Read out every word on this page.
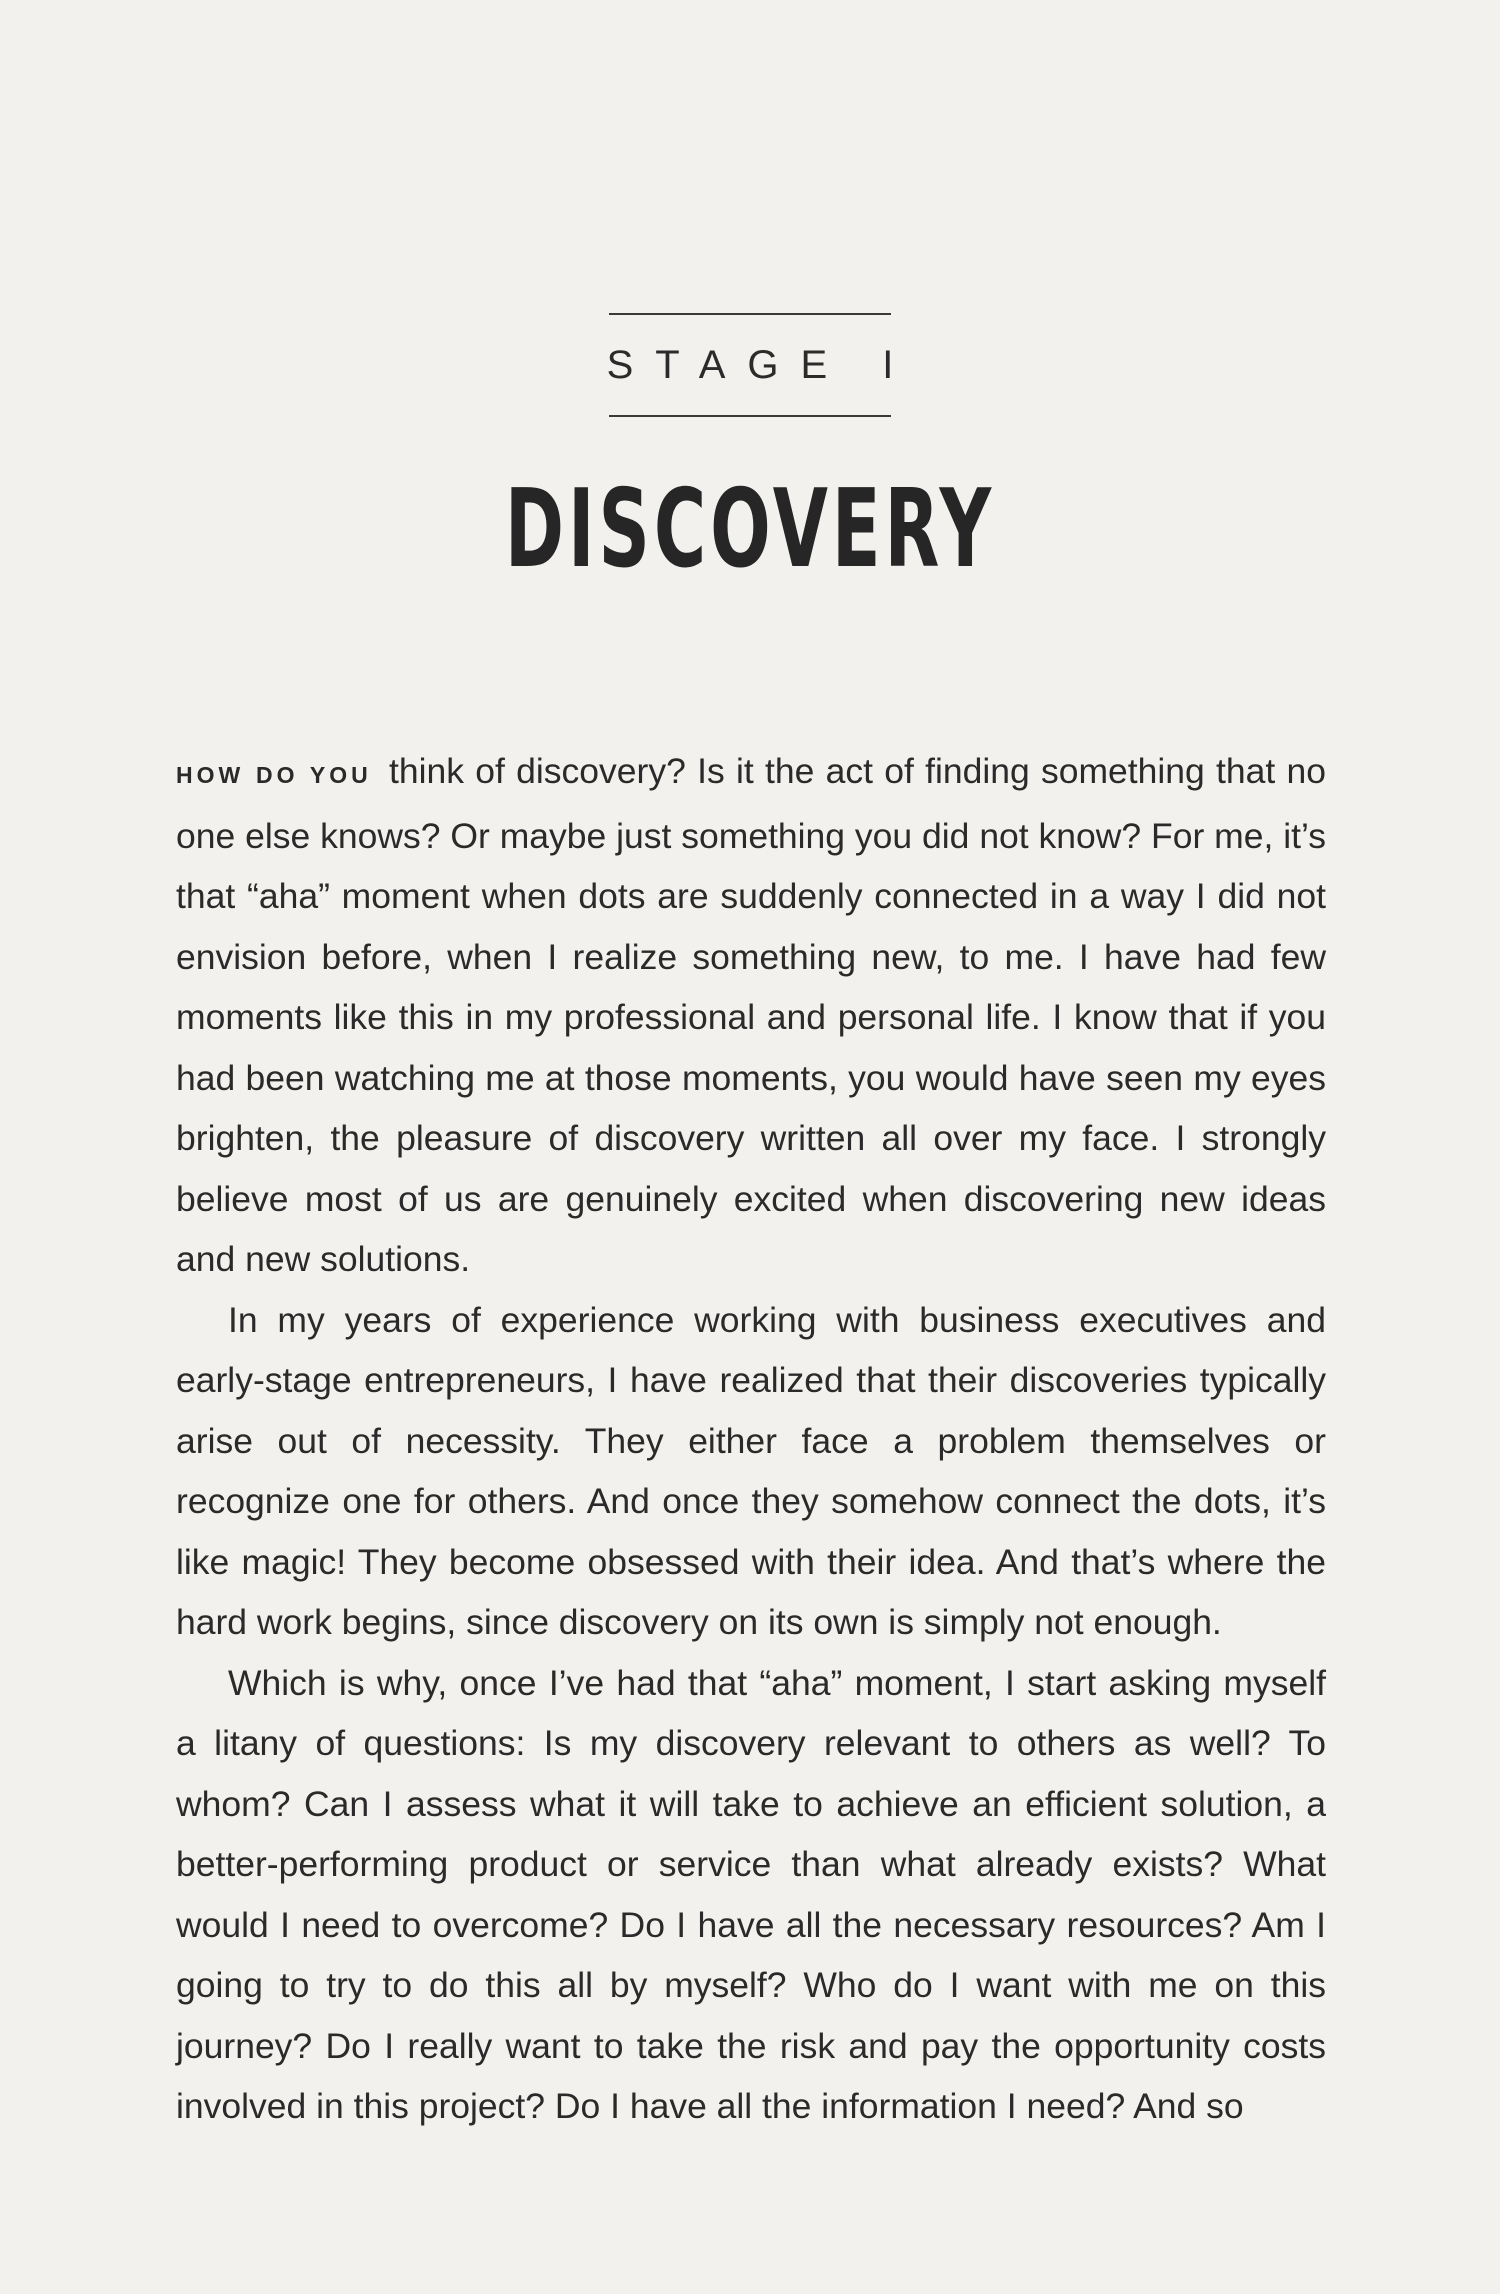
STAGE I
DISCOVERY

HOW DO YOU think of discovery? Is it the act of finding something that no one else knows? Or maybe just something you did not know? For me, it’s that “aha” moment when dots are suddenly connected in a way I did not envision before, when I realize something new, to me. I have had few moments like this in my professional and personal life. I know that if you had been watching me at those moments, you would have seen my eyes brighten, the pleasure of discovery written all over my face. I strongly believe most of us are genuinely excited when discovering new ideas and new solutions.

In my years of experience working with business executives and early-stage entrepreneurs, I have realized that their discoveries typically arise out of necessity. They either face a problem themselves or recognize one for others. And once they somehow connect the dots, it’s like magic! They become obsessed with their idea. And that’s where the hard work begins, since discovery on its own is simply not enough.

Which is why, once I’ve had that “aha” moment, I start asking myself a litany of questions: Is my discovery relevant to others as well? To whom? Can I assess what it will take to achieve an efficient solution, a better-performing product or service than what already exists? What would I need to overcome? Do I have all the necessary resources? Am I going to try to do this all by myself? Who do I want with me on this journey? Do I really want to take the risk and pay the opportunity costs involved in this project? Do I have all the information I need? And so
